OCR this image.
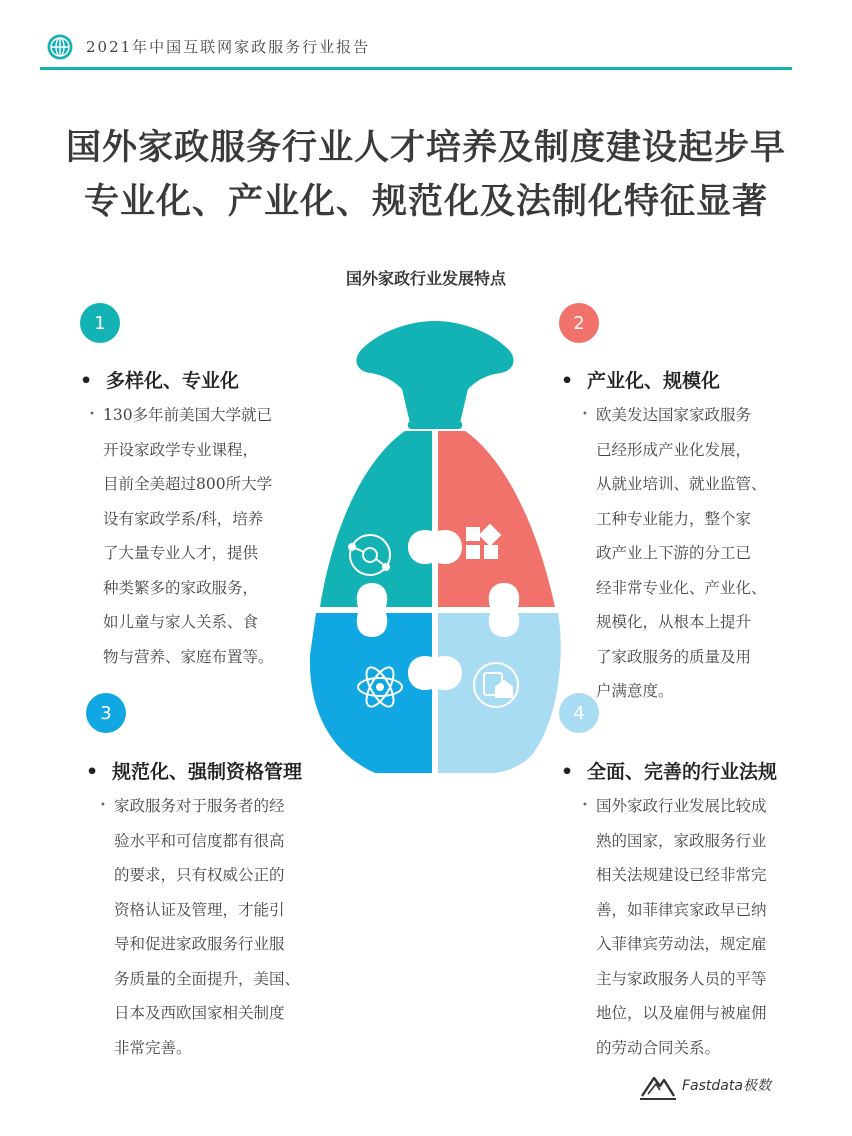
2021年中国互联网家政服务行业报告
国外家政服务行业人才培养及制度建设起步早
专业化、产业化、规范化及法制化特征显著
国外家政行业发展特点
1	2
3	4
• 多样化、专业化	• 产业化、规模化
• 规范化、强制资格管理	• 全面、完善的行业法规
• 130多年前美国大学就已
开设家政学专业课程，
目前全美超过800所大学
设有家政学系/科，培养
了大量专业人才，提供
种类繁多的家政服务，
如儿童与家人关系、食
物与营养、家庭布置等。
• 欧美发达国家家政服务
已经形成产业化发展，
从就业培训、就业监管、
工种专业能力，整个家
政产业上下游的分工已
经非常专业化、产业化、
规模化，从根本上提升
了家政服务的质量及用
户满意度。
• 家政服务对于服务者的经
验水平和可信度都有很高
的要求，只有权威公正的
资格认证及管理，才能引
导和促进家政服务行业服
务质量的全面提升，美国、
日本及西欧国家相关制度
非常完善。
• 国外家政行业发展比较成
熟的国家，家政服务行业
相关法规建设已经非常完
善，如菲律宾家政早已纳
入菲律宾劳动法，规定雇
主与家政服务人员的平等
地位，以及雇佣与被雇佣
的劳动合同关系。
Fastdata极数
